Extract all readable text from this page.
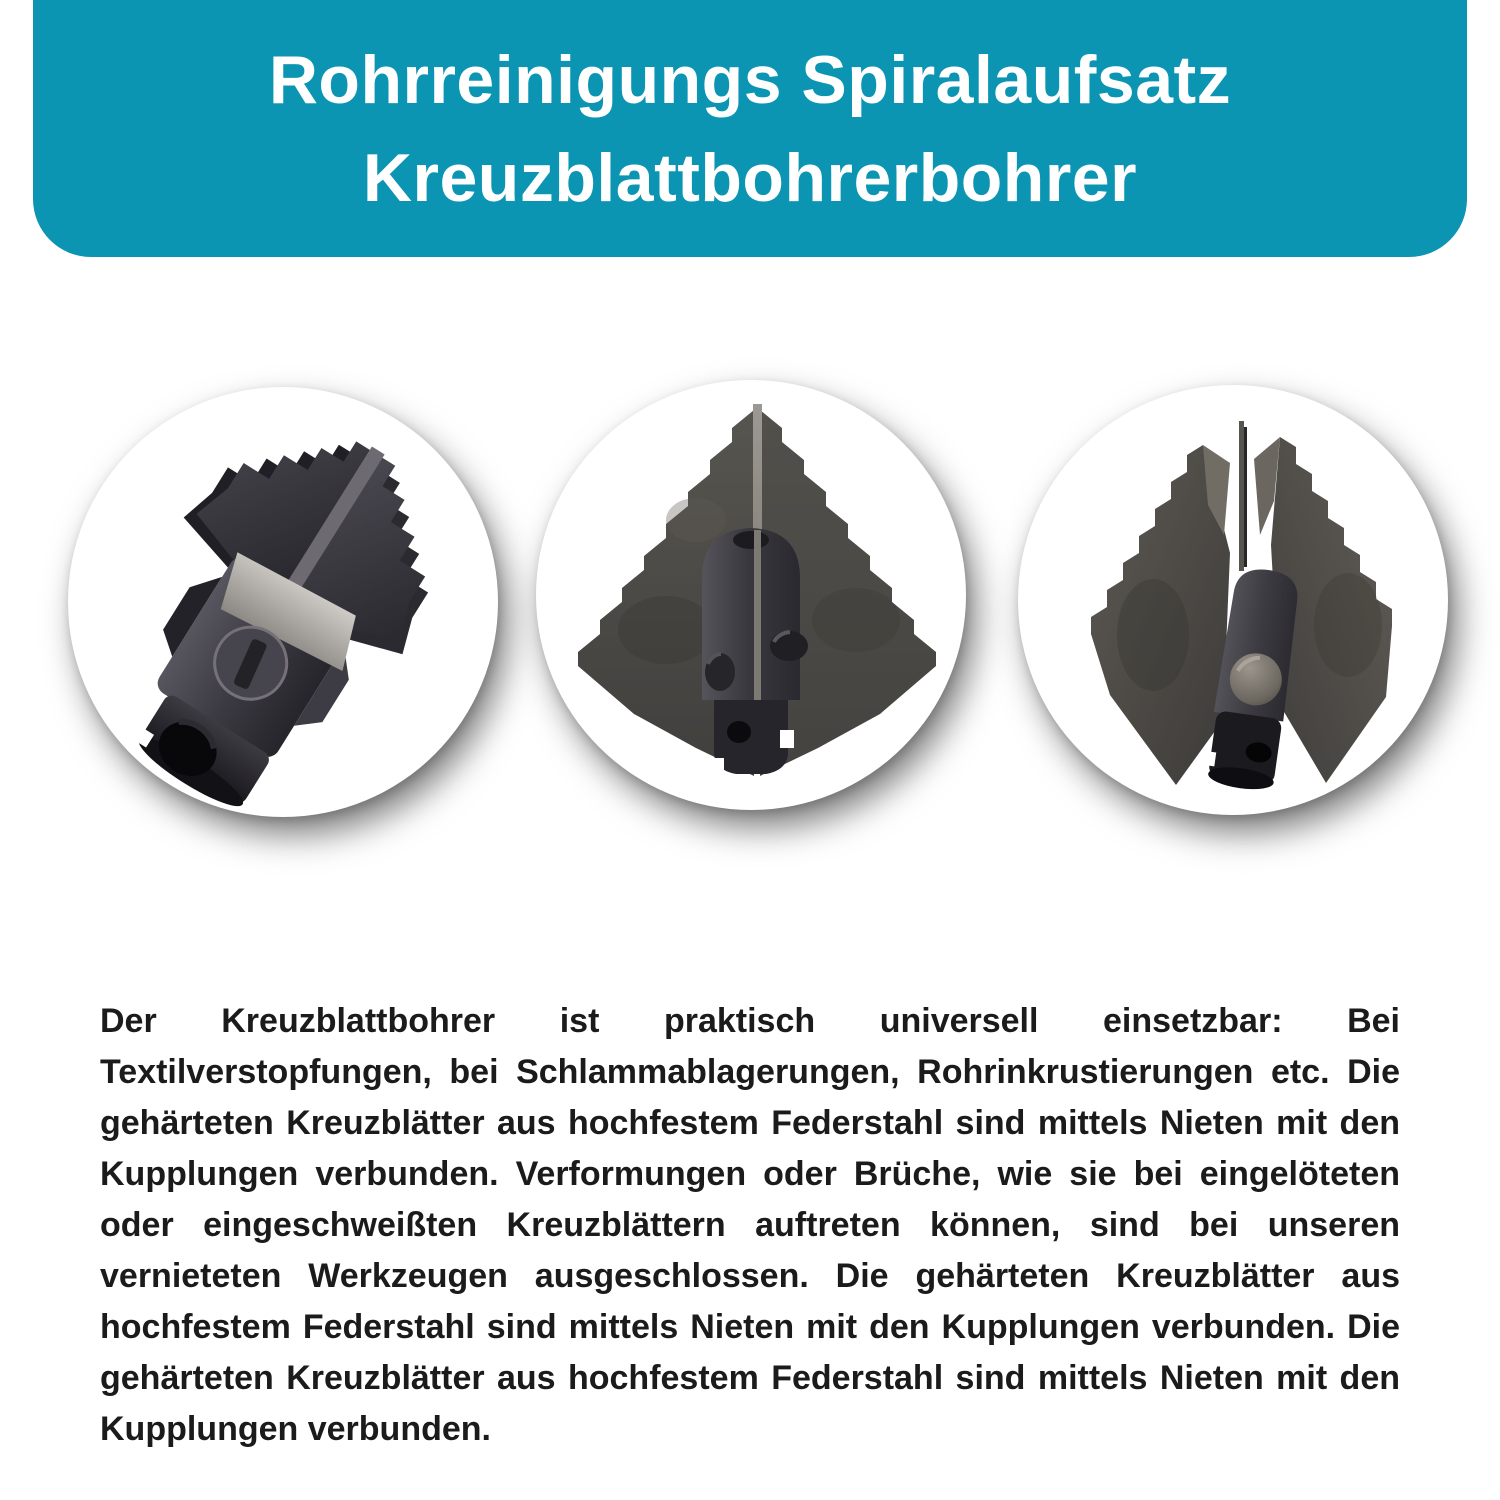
Rohrreinigungs Spiralaufsatz
Kreuzblattbohrerbohrer

Der Kreuzblattbohrer ist praktisch universell einsetzbar: Bei Textilverstopfungen, bei Schlammablagerungen, Rohrinkrustierungen etc. Die gehärteten Kreuzblätter aus hochfestem Federstahl sind mittels Nieten mit den Kupplungen verbunden. Verformungen oder Brüche, wie sie bei eingelöteten oder eingeschweißten Kreuzblättern auftreten können, sind bei unseren vernieteten Werkzeugen ausgeschlossen. Die gehärteten Kreuzblätter aus hochfestem Federstahl sind mittels Nieten mit den Kupplungen verbunden. Die gehärteten Kreuzblätter aus hochfestem Federstahl sind mittels Nieten mit den Kupplungen verbunden.
